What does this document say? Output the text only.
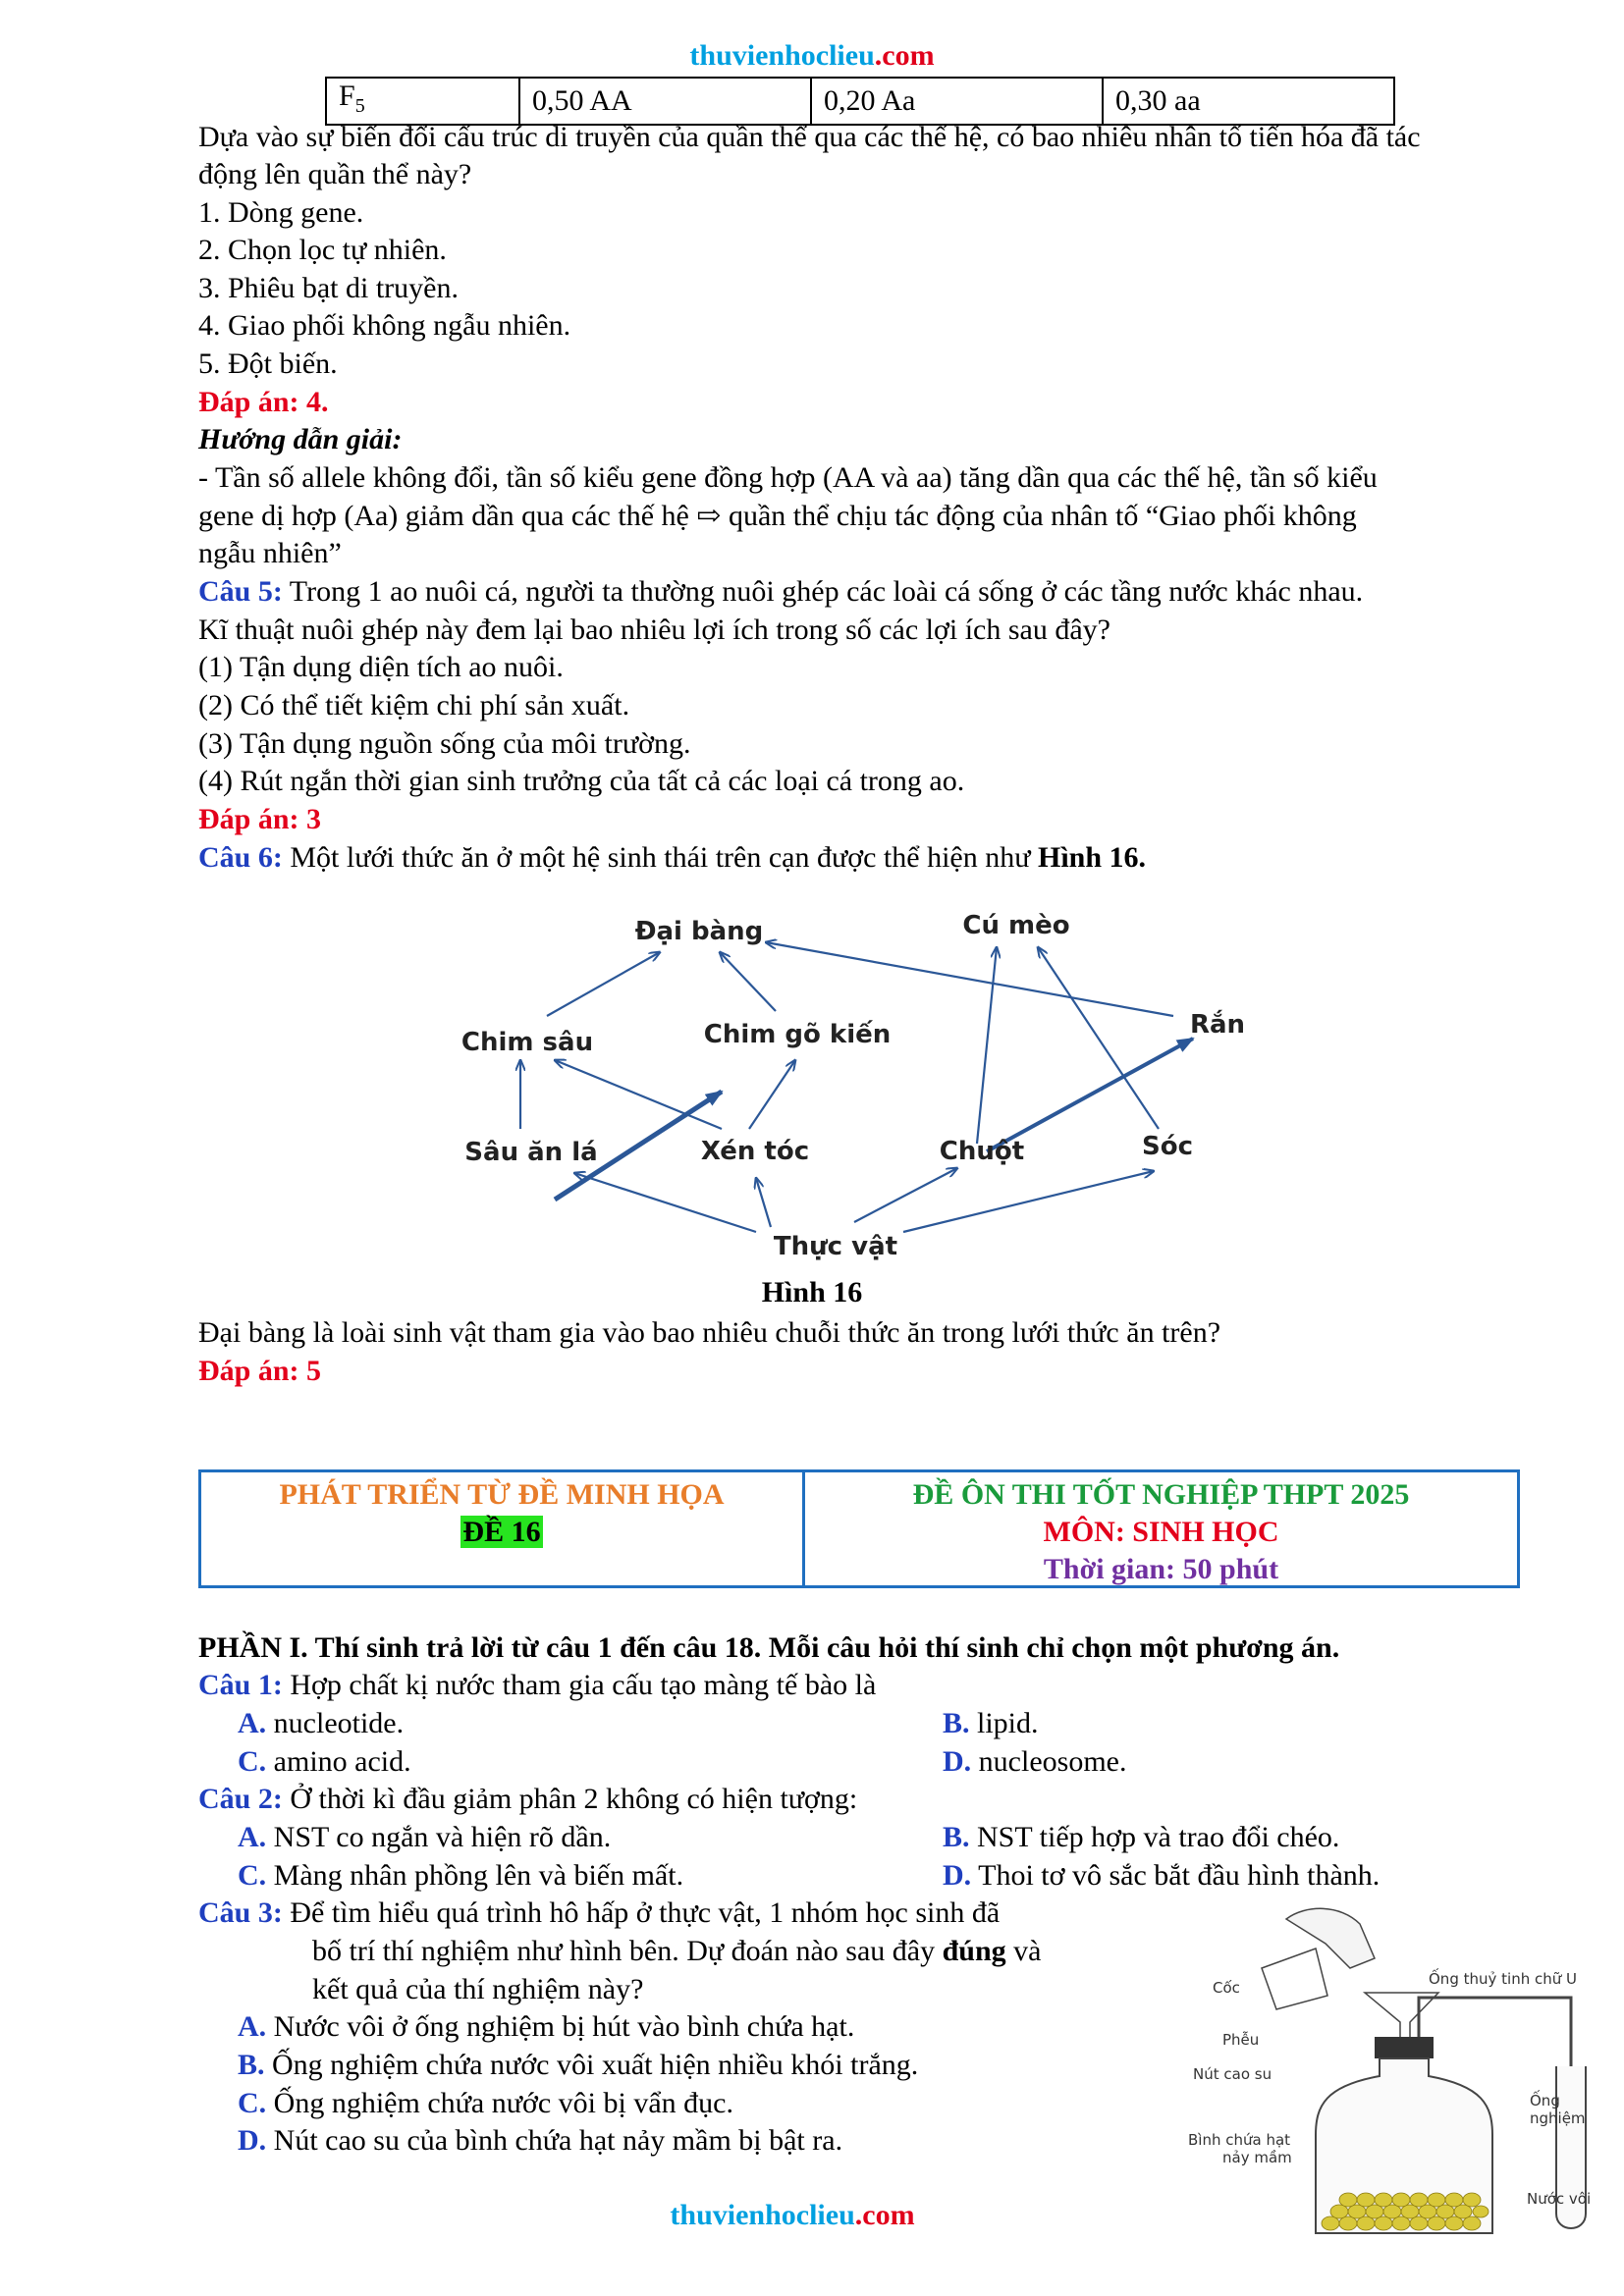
thuvienhoclieu.com
$F_5$	0,50 AA	0,20 Aa	0,30 aa
Dựa vào sự biến đổi cấu trúc di truyền của quần thể qua các thế hệ, có bao nhiêu nhân tố tiến hóa đã tác
động lên quần thể này?
1. Dòng gene.
2. Chọn lọc tự nhiên.
3. Phiêu bạt di truyền.
4. Giao phối không ngẫu nhiên.
5. Đột biến.
Đáp án: 4.
Hướng dẫn giải:
- Tần số allele không đổi, tần số kiểu gene đồng hợp (AA và aa) tăng dần qua các thế hệ, tần số kiểu
gene dị hợp (Aa) giảm dần qua các thế hệ ⇨ quần thể chịu tác động của nhân tố “Giao phối không
ngẫu nhiên”
Câu 5: Trong 1 ao nuôi cá, người ta thường nuôi ghép các loài cá sống ở các tầng nước khác nhau.
Kĩ thuật nuôi ghép này đem lại bao nhiêu lợi ích trong số các lợi ích sau đây?
(1) Tận dụng diện tích ao nuôi.
(2) Có thể tiết kiệm chi phí sản xuất.
(3) Tận dụng nguồn sống của môi trường.
(4) Rút ngắn thời gian sinh trưởng của tất cả các loại cá trong ao.
Đáp án: 3
Câu 6: Một lưới thức ăn ở một hệ sinh thái trên cạn được thể hiện như Hình 16.
Đại bàng	Cú mèo
Chim sâu	Chim gõ kiến	Rắn
Sâu ăn lá	Xén tóc	Chuột	Sóc
Thực vật
Hình 16
Đại bàng là loài sinh vật tham gia vào bao nhiêu chuỗi thức ăn trong lưới thức ăn trên?
Đáp án: 5
PHÁT TRIỂN TỪ ĐỀ MINH HỌA
ĐỀ 16
ĐỀ ÔN THI TỐT NGHIỆP THPT 2025
MÔN: SINH HỌC
Thời gian: 50 phút
PHẦN I. Thí sinh trả lời từ câu 1 đến câu 18. Mỗi câu hỏi thí sinh chỉ chọn một phương án.
Câu 1: Hợp chất kị nước tham gia cấu tạo màng tế bào là
A. nucleotide.	B. lipid.
C. amino acid.	D. nucleosome.
Câu 2: Ở thời kì đầu giảm phân 2 không có hiện tượng:
A. NST co ngắn và hiện rõ dần.	B. NST tiếp hợp và trao đổi chéo.
C. Màng nhân phồng lên và biến mất.	D. Thoi tơ vô sắc bắt đầu hình thành.
Câu 3: Để tìm hiểu quá trình hô hấp ở thực vật, 1 nhóm học sinh đã
bố trí thí nghiệm như hình bên. Dự đoán nào sau đây đúng và
kết quả của thí nghiệm này?
A. Nước vôi ở ống nghiệm bị hút vào bình chứa hạt.
B. Ống nghiệm chứa nước vôi xuất hiện nhiều khói trắng.
C. Ống nghiệm chứa nước vôi bị vẩn đục.
D. Nút cao su của bình chứa hạt nảy mầm bị bật ra.
Cốc
Phễu
Nút cao su
Bình chứa hạt
nảy mầm
Ống thuỷ tinh chữ U
Ống
nghiệm
Nước vôi
thuvienhoclieu.com
